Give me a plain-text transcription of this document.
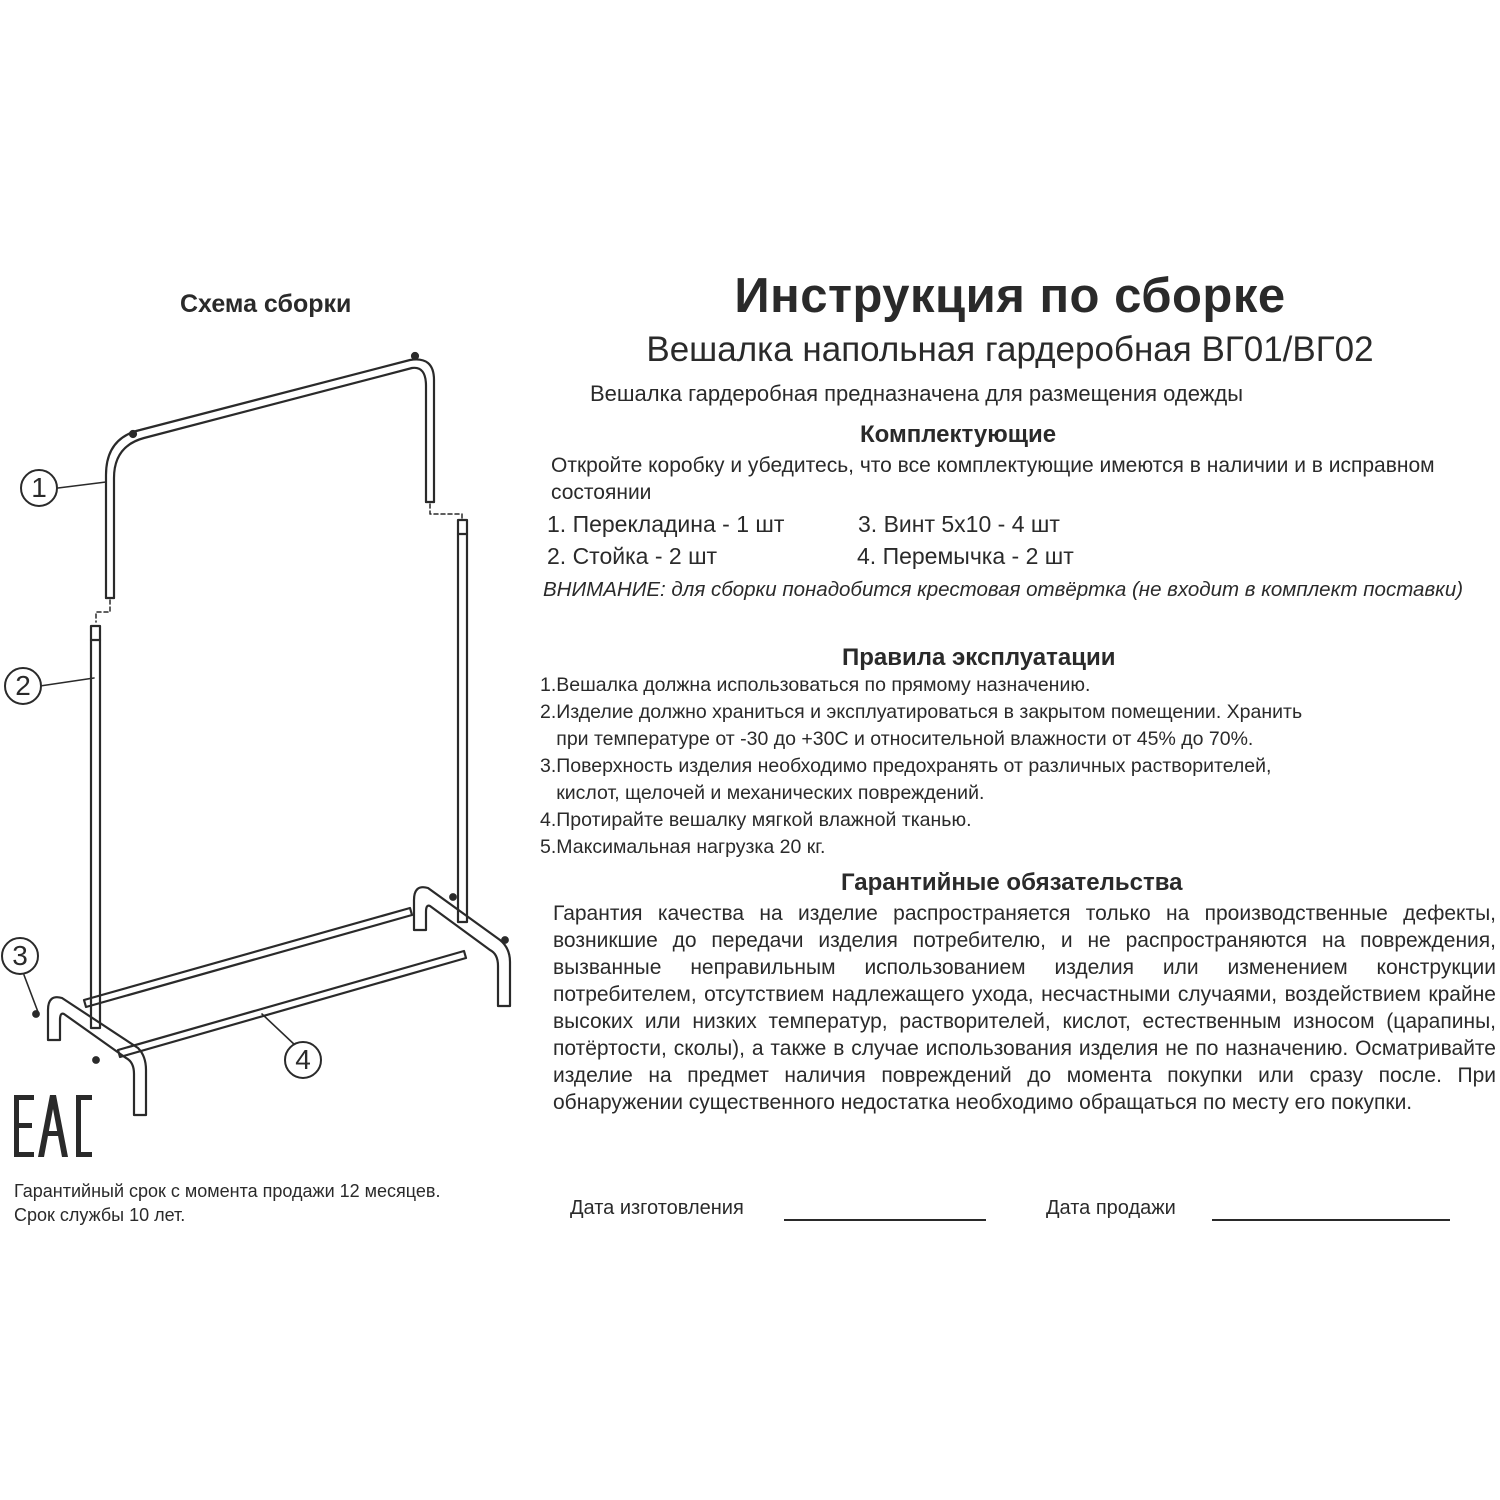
Схема сборки
1
2
3
4
Гарантийный срок с момента продажи 12 месяцев.
Срок службы 10 лет.
Инструкция по сборке
Вешалка напольная гардеробная ВГ01/ВГ02
Вешалка гардеробная предназначена для размещения одежды
Комплектующие
Откройте коробку и убедитесь, что все комплектующие имеются в наличии и в исправном состоянии
1. Перекладина - 1 шт
2. Стойка - 2 шт
3. Винт 5х10 - 4 шт
4. Перемычка - 2 шт
ВНИМАНИЕ: для сборки понадобится крестовая отвёртка (не входит в комплект поставки)
Правила эксплуатации
1.Вешалка должна использоваться по прямому назначению.
2.Изделие должно храниться и эксплуатироваться в закрытом помещении. Хранить
при температуре от -30 до +30С и относительной влажности от 45% до 70%.
3.Поверхность изделия необходимо предохранять от различных растворителей,
кислот, щелочей и механических повреждений.
4.Протирайте вешалку мягкой влажной тканью.
5.Максимальная нагрузка 20 кг.
Гарантийные обязательства
Гарантия качества на изделие распространяется только на производственные дефекты, возникшие до передачи изделия потребителю, и не распространяются на повреждения, вызванные неправильным использованием изделия или изменением конструкции потребителем, отсутствием надлежащего ухода, несчастными случаями, воздействием крайне высоких или низких температур, растворителей, кислот, естественным износом (царапины, потёртости, сколы), а также в случае использования изделия не по назначению. Осматривайте изделие на предмет наличия повреждений до момента покупки или сразу после. При обнаружении существенного недостатка необходимо обращаться по месту его покупки.
Дата изготовления	Дата продажи
